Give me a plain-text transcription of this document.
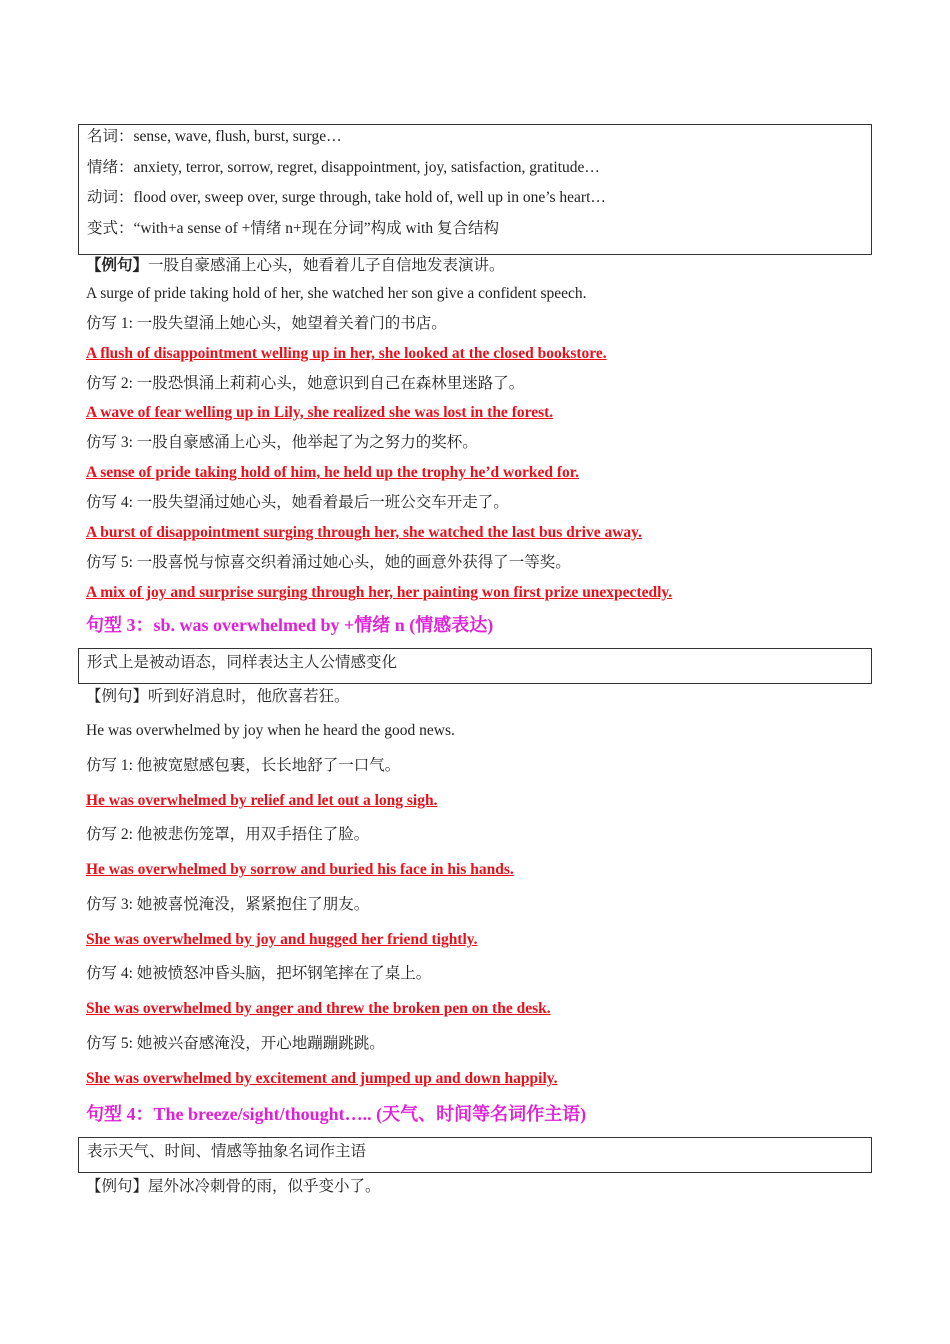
名词：sense, wave, flush, burst, surge…
情绪：anxiety, terror, sorrow, regret, disappointment, joy, satisfaction, gratitude…
动词：flood over, sweep over, surge through, take hold of, well up in one’s heart…
变式：“with+a sense of +情绪 n+现在分词”构成 with 复合结构
【例句】一股自豪感涌上心头，她看着儿子自信地发表演讲。
A surge of pride taking hold of her, she watched her son give a confident speech.
仿写 1: 一股失望涌上她心头，她望着关着门的书店。
A flush of disappointment welling up in her, she looked at the closed bookstore.
仿写 2: 一股恐惧涌上莉莉心头，她意识到自己在森林里迷路了。
A wave of fear welling up in Lily, she realized she was lost in the forest.
仿写 3: 一股自豪感涌上心头，他举起了为之努力的奖杯。
A sense of pride taking hold of him, he held up the trophy he’d worked for.
仿写 4: 一股失望涌过她心头，她看着最后一班公交车开走了。
A burst of disappointment surging through her, she watched the last bus drive away.
仿写 5: 一股喜悦与惊喜交织着涌过她心头，她的画意外获得了一等奖。
A mix of joy and surprise surging through her, her painting won first prize unexpectedly.
句型 3：sb. was overwhelmed by +情绪 n (情感表达)
形式上是被动语态，同样表达主人公情感变化
【例句】听到好消息时，他欣喜若狂。
He was overwhelmed by joy when he heard the good news.
仿写 1: 他被宽慰感包裹，长长地舒了一口气。
He was overwhelmed by relief and let out a long sigh.
仿写 2: 他被悲伤笼罩，用双手捂住了脸。
He was overwhelmed by sorrow and buried his face in his hands.
仿写 3: 她被喜悦淹没，紧紧抱住了朋友。
She was overwhelmed by joy and hugged her friend tightly.
仿写 4: 她被愤怒冲昏头脑，把坏钢笔摔在了桌上。
She was overwhelmed by anger and threw the broken pen on the desk.
仿写 5: 她被兴奋感淹没，开心地蹦蹦跳跳。
She was overwhelmed by excitement and jumped up and down happily.
句型 4：The breeze/sight/thought….. (天气、时间等名词作主语)
表示天气、时间、情感等抽象名词作主语
【例句】屋外冰冷刺骨的雨，似乎变小了。
